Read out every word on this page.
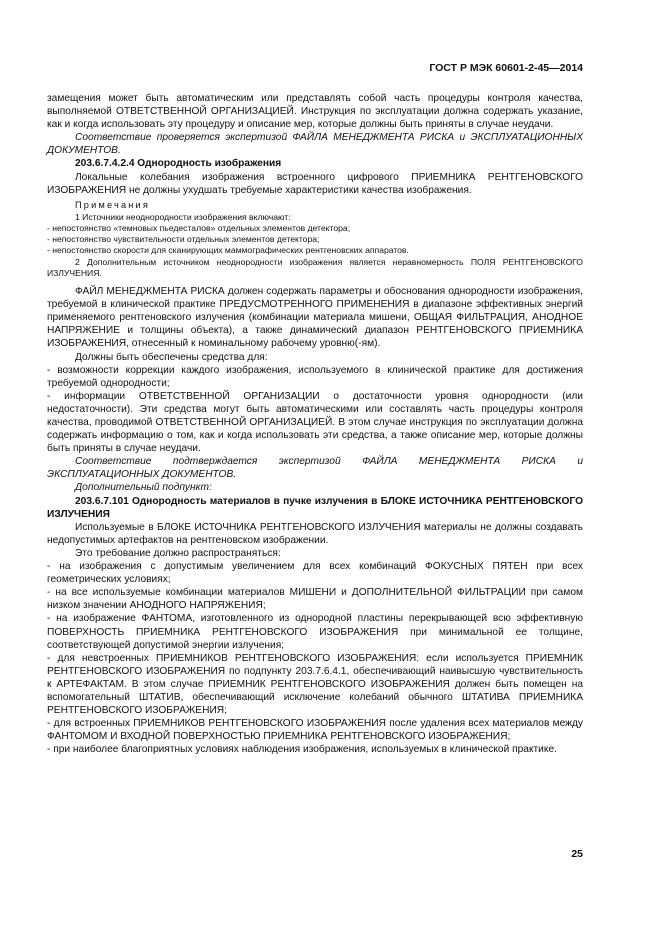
ГОСТ Р МЭК 60601-2-45—2014

замещения может быть автоматическим или представлять собой часть процедуры контроля качества, выполняемой ОТВЕТСТВЕННОЙ ОРГАНИЗАЦИЕЙ. Инструкция по эксплуатации должна содержать указание, как и когда использовать эту процедуру и описание мер, которые должны быть приняты в случае неудачи.

Соответствие проверяется экспертизой ФАЙЛА МЕНЕДЖМЕНТА РИСКА и ЭКСПЛУАТАЦИОННЫХ ДОКУМЕНТОВ.

203.6.7.4.2.4 Однородность изображения

Локальные колебания изображения встроенного цифрового ПРИЕМНИКА РЕНТГЕНОВСКОГО ИЗОБРАЖЕНИЯ не должны ухудшать требуемые характеристики качества изображения.

Примечания

1 Источники неоднородности изображения включают:

- непостоянство «темновых пьедесталов» отдельных элементов детектора;

- непостоянство чувствительности отдельных элементов детектора;

- непостоянство скорости для сканирующих маммографических рентгеновских аппаратов.

2 Дополнительным источником неоднородности изображения является неравномерность ПОЛЯ РЕНТГЕНОВСКОГО ИЗЛУЧЕНИЯ.

ФАЙЛ МЕНЕДЖМЕНТА РИСКА должен содержать параметры и обоснования однородности изображения, требуемой в клинической практике ПРЕДУСМОТРЕННОГО ПРИМЕНЕНИЯ в диапазоне эффективных энергий применяемого рентгеновского излучения (комбинации материала мишени, ОБЩАЯ ФИЛЬТРАЦИЯ, АНОДНОЕ НАПРЯЖЕНИЕ и толщины объекта), а также динамический диапазон РЕНТГЕНОВСКОГО ПРИЕМНИКА ИЗОБРАЖЕНИЯ, отнесенный к номинальному рабочему уровню(-ям).

Должны быть обеспечены средства для:

- возможности коррекции каждого изображения, используемого в клинической практике для достижения требуемой однородности;

- информации ОТВЕТСТВЕННОЙ ОРГАНИЗАЦИИ о достаточности уровня однородности (или недостаточности). Эти средства могут быть автоматическими или составлять часть процедуры контроля качества, проводимой ОТВЕТСТВЕННОЙ ОРГАНИЗАЦИЕЙ. В этом случае инструкция по эксплуатации должна содержать информацию о том, как и когда использовать эти средства, а также описание мер, которые должны быть приняты в случае неудачи.

Соответствие подтверждается экспертизой ФАЙЛА МЕНЕДЖМЕНТА РИСКА и ЭКСПЛУАТАЦИОННЫХ ДОКУМЕНТОВ.

Дополнительный подпункт:

203.6.7.101 Однородность материалов в пучке излучения в БЛОКЕ ИСТОЧНИКА РЕНТГЕНОВСКОГО ИЗЛУЧЕНИЯ

Используемые в БЛОКЕ ИСТОЧНИКА РЕНТГЕНОВСКОГО ИЗЛУЧЕНИЯ материалы не должны создавать недопустимых артефактов на рентгеновском изображении.

Это требование должно распространяться:

- на изображения с допустимым увеличением для всех комбинаций ФОКУСНЫХ ПЯТЕН при всех геометрических условиях;

- на все используемые комбинации материалов МИШЕНИ и ДОПОЛНИТЕЛЬНОЙ ФИЛЬТРАЦИИ при самом низком значении АНОДНОГО НАПРЯЖЕНИЯ;

- на изображение ФАНТОМА, изготовленного из однородной пластины перекрывающей всю эффективную ПОВЕРХНОСТЬ ПРИЕМНИКА РЕНТГЕНОВСКОГО ИЗОБРАЖЕНИЯ при минимальной ее толщине, соответствующей допустимой энергии излучения;

- для невстроенных ПРИЕМНИКОВ РЕНТГЕНОВСКОГО ИЗОБРАЖЕНИЯ: если используется ПРИЕМНИК РЕНТГЕНОВСКОГО ИЗОБРАЖЕНИЯ по подпункту 203.7.6.4.1, обеспечивающий наивысшую чувствительность к АРТЕФАКТАМ. В этом случае ПРИЕМНИК РЕНТГЕНОВСКОГО ИЗОБРАЖЕНИЯ должен быть помещен на вспомогательный ШТАТИВ, обеспечивающий исключение колебаний обычного ШТАТИВА ПРИЕМНИКА РЕНТГЕНОВСКОГО ИЗОБРАЖЕНИЯ;

- для встроенных ПРИЕМНИКОВ РЕНТГЕНОВСКОГО ИЗОБРАЖЕНИЯ после удаления всех материалов между ФАНТОМОМ И ВХОДНОЙ ПОВЕРХНОСТЬЮ ПРИЕМНИКА РЕНТГЕНОВСКОГО ИЗОБРАЖЕНИЯ;

- при наиболее благоприятных условиях наблюдения изображения, используемых в клинической практике.

25
